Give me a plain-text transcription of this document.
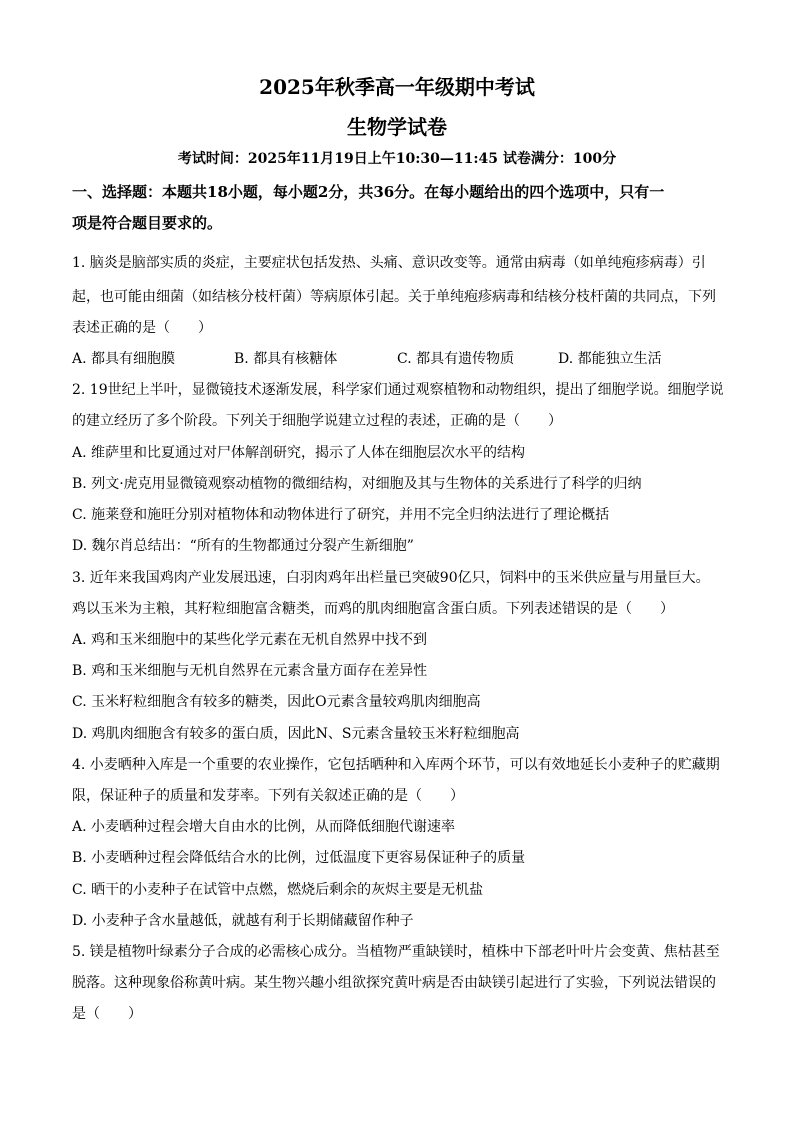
2025年秋季高一年级期中考试
生物学试卷
考试时间：2025年11月19日上午10:30—11:45 试卷满分：100分
一、选择题：本题共18小题，每小题2分，共36分。在每小题给出的四个选项中，只有一
项是符合题目要求的。
1. 脑炎是脑部实质的炎症，主要症状包括发热、头痛、意识改变等。通常由病毒（如单纯疱疹病毒）引
起，也可能由细菌（如结核分枝杆菌）等病原体引起。关于单纯疱疹病毒和结核分枝杆菌的共同点，下列
表述正确的是（　　）
A. 都具有细胞膜	B. 都具有核糖体	C. 都具有遗传物质	D. 都能独立生活
2. 19世纪上半叶，显微镜技术逐渐发展，科学家们通过观察植物和动物组织，提出了细胞学说。细胞学说
的建立经历了多个阶段。下列关于细胞学说建立过程的表述，正确的是（　　）
A. 维萨里和比夏通过对尸体解剖研究，揭示了人体在细胞层次水平的结构
B. 列文·虎克用显微镜观察动植物的微细结构，对细胞及其与生物体的关系进行了科学的归纳
C. 施莱登和施旺分别对植物体和动物体进行了研究，并用不完全归纳法进行了理论概括
D. 魏尔肖总结出：“所有的生物都通过分裂产生新细胞”
3. 近年来我国鸡肉产业发展迅速，白羽肉鸡年出栏量已突破90亿只，饲料中的玉米供应量与用量巨大。
鸡以玉米为主粮，其籽粒细胞富含糖类，而鸡的肌肉细胞富含蛋白质。下列表述错误的是（　　）
A. 鸡和玉米细胞中的某些化学元素在无机自然界中找不到
B. 鸡和玉米细胞与无机自然界在元素含量方面存在差异性
C. 玉米籽粒细胞含有较多的糖类，因此O元素含量较鸡肌肉细胞高
D. 鸡肌肉细胞含有较多的蛋白质，因此N、S元素含量较玉米籽粒细胞高
4. 小麦晒种入库是一个重要的农业操作，它包括晒种和入库两个环节，可以有效地延长小麦种子的贮藏期
限，保证种子的质量和发芽率。下列有关叙述正确的是（　　）
A. 小麦晒种过程会增大自由水的比例，从而降低细胞代谢速率
B. 小麦晒种过程会降低结合水的比例，过低温度下更容易保证种子的质量
C. 晒干的小麦种子在试管中点燃，燃烧后剩余的灰烬主要是无机盐
D. 小麦种子含水量越低，就越有利于长期储藏留作种子
5. 镁是植物叶绿素分子合成的必需核心成分。当植物严重缺镁时，植株中下部老叶叶片会变黄、焦枯甚至
脱落。这种现象俗称黄叶病。某生物兴趣小组欲探究黄叶病是否由缺镁引起进行了实验，下列说法错误的
是（　　）
